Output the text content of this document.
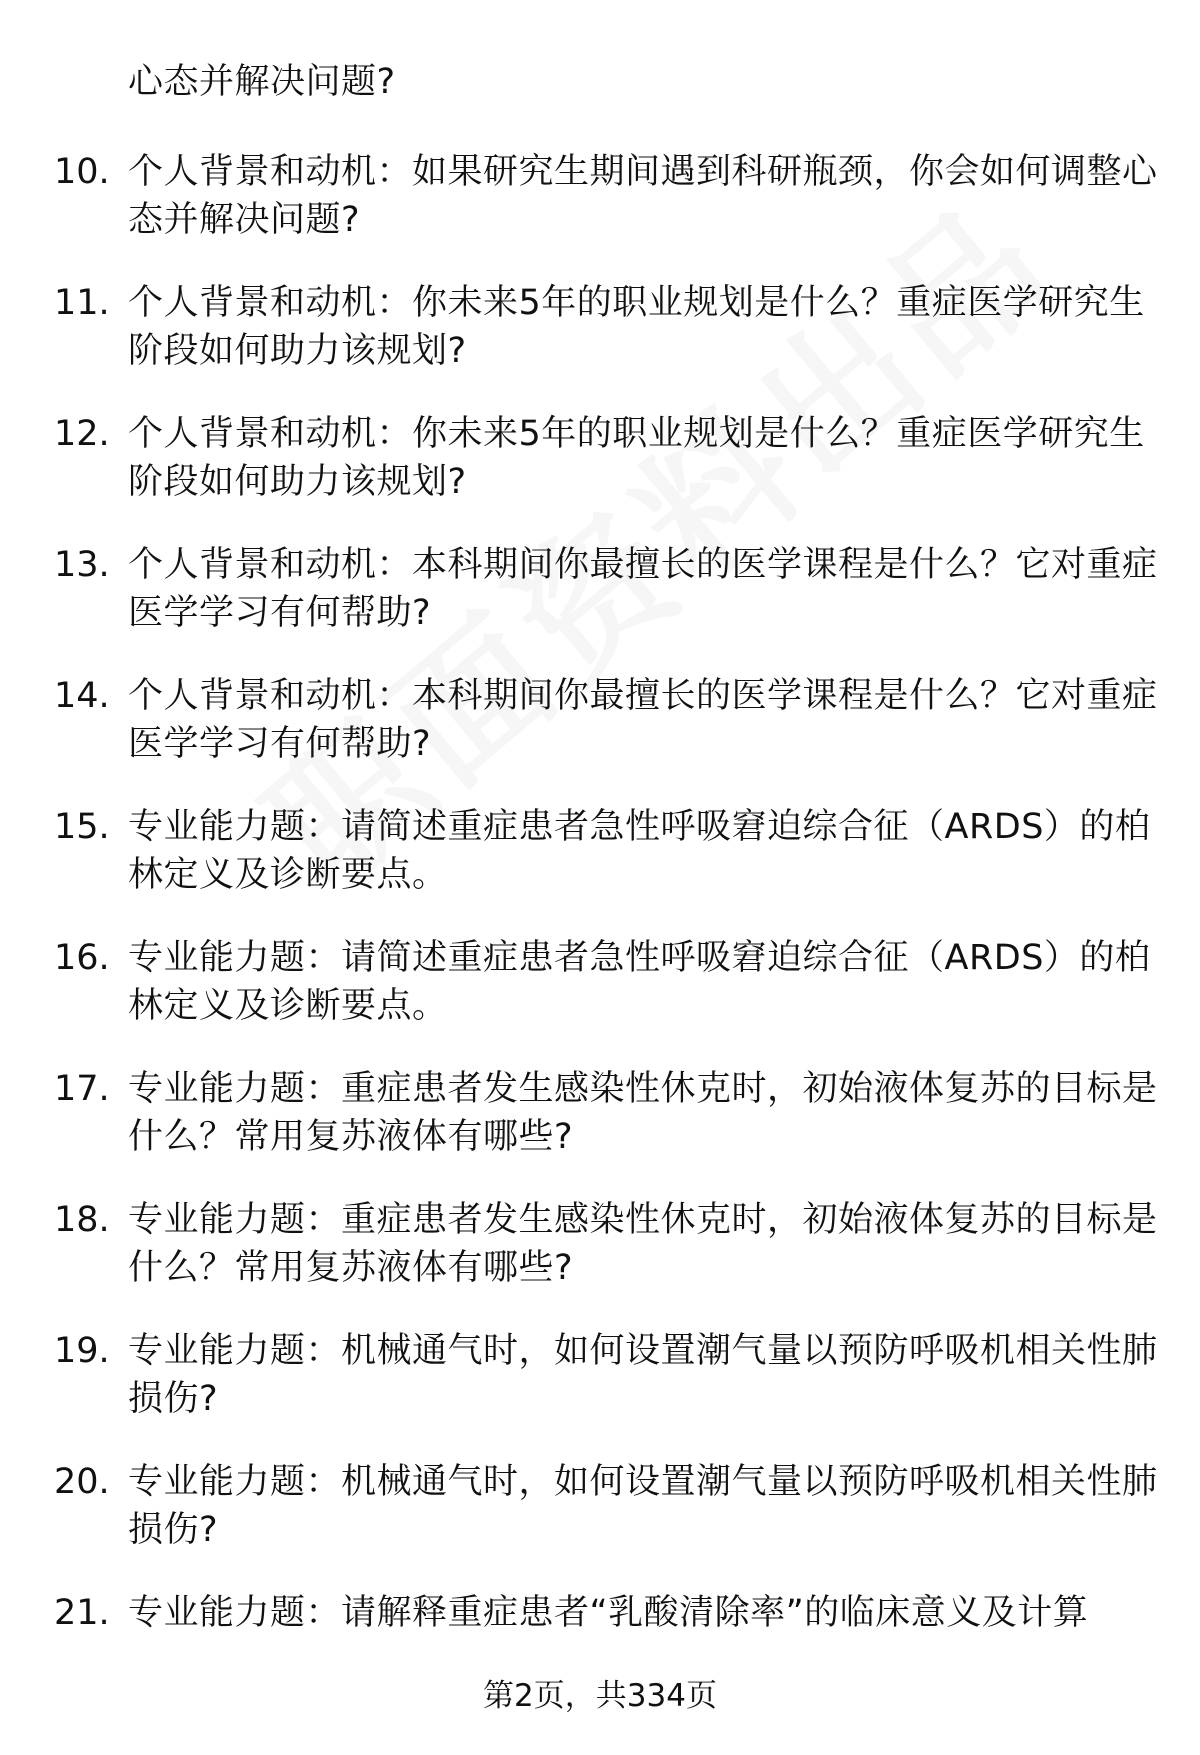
心态并解决问题?
10. 个人背景和动机：如果研究生期间遇到科研瓶颈，你会如何调整心态并解决问题?
11. 个人背景和动机：你未来5年的职业规划是什么？重症医学研究生阶段如何助力该规划?
12. 个人背景和动机：你未来5年的职业规划是什么？重症医学研究生阶段如何助力该规划?
13. 个人背景和动机：本科期间你最擅长的医学课程是什么？它对重症医学学习有何帮助?
14. 个人背景和动机：本科期间你最擅长的医学课程是什么？它对重症医学学习有何帮助?
15. 专业能力题：请简述重症患者急性呼吸窘迫综合征（ARDS）的柏林定义及诊断要点。
16. 专业能力题：请简述重症患者急性呼吸窘迫综合征（ARDS）的柏林定义及诊断要点。
17. 专业能力题：重症患者发生感染性休克时，初始液体复苏的目标是什么？常用复苏液体有哪些?
18. 专业能力题：重症患者发生感染性休克时，初始液体复苏的目标是什么？常用复苏液体有哪些?
19. 专业能力题：机械通气时，如何设置潮气量以预防呼吸机相关性肺损伤?
20. 专业能力题：机械通气时，如何设置潮气量以预防呼吸机相关性肺损伤?
21. 专业能力题：请解释重症患者“乳酸清除率”的临床意义及计算
第2页，共334页
